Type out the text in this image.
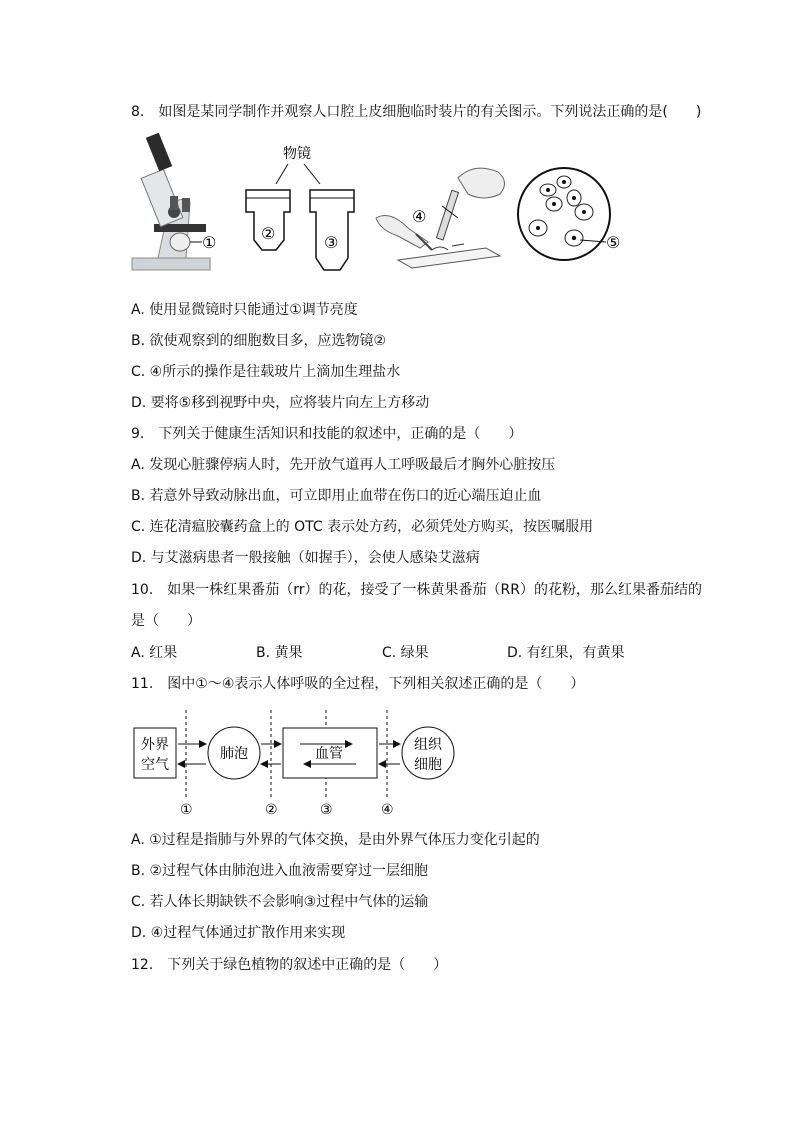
8.　如图是某同学制作并观察人口腔上皮细胞临时装片的有关图示。下列说法正确的是(　　)
①
物镜
②	③
④
⑤
A. 使用显微镜时只能通过①调节亮度
B. 欲使观察到的细胞数目多，应选物镜②
C. ④所示的操作是往载玻片上滴加生理盐水
D. 要将⑤移到视野中央，应将装片向左上方移动
9.　下列关于健康生活知识和技能的叙述中，正确的是（　　）
A. 发现心脏骤停病人时，先开放气道再人工呼吸最后才胸外心脏按压
B. 若意外导致动脉出血，可立即用止血带在伤口的近心端压迫止血
C. 连花清瘟胶囊药盒上的 OTC 表示处方药，必须凭处方购买，按医嘱服用
D. 与艾滋病患者一般接触（如握手），会使人感染艾滋病
10.　如果一株红果番茄（rr）的花，接受了一株黄果番茄（RR）的花粉，那么红果番茄结的
是（　　）
A. 红果	B. 黄果	C. 绿果	D. 有红果，有黄果
11.　图中①～④表示人体呼吸的全过程，下列相关叙述正确的是（　　）
外界
空气
肺泡	血管
组织
细胞
①	②	③	④
A. ①过程是指肺与外界的气体交换，是由外界气体压力变化引起的
B. ②过程气体由肺泡进入血液需要穿过一层细胞
C. 若人体长期缺铁不会影响③过程中气体的运输
D. ④过程气体通过扩散作用来实现
12.　下列关于绿色植物的叙述中正确的是（　　）
